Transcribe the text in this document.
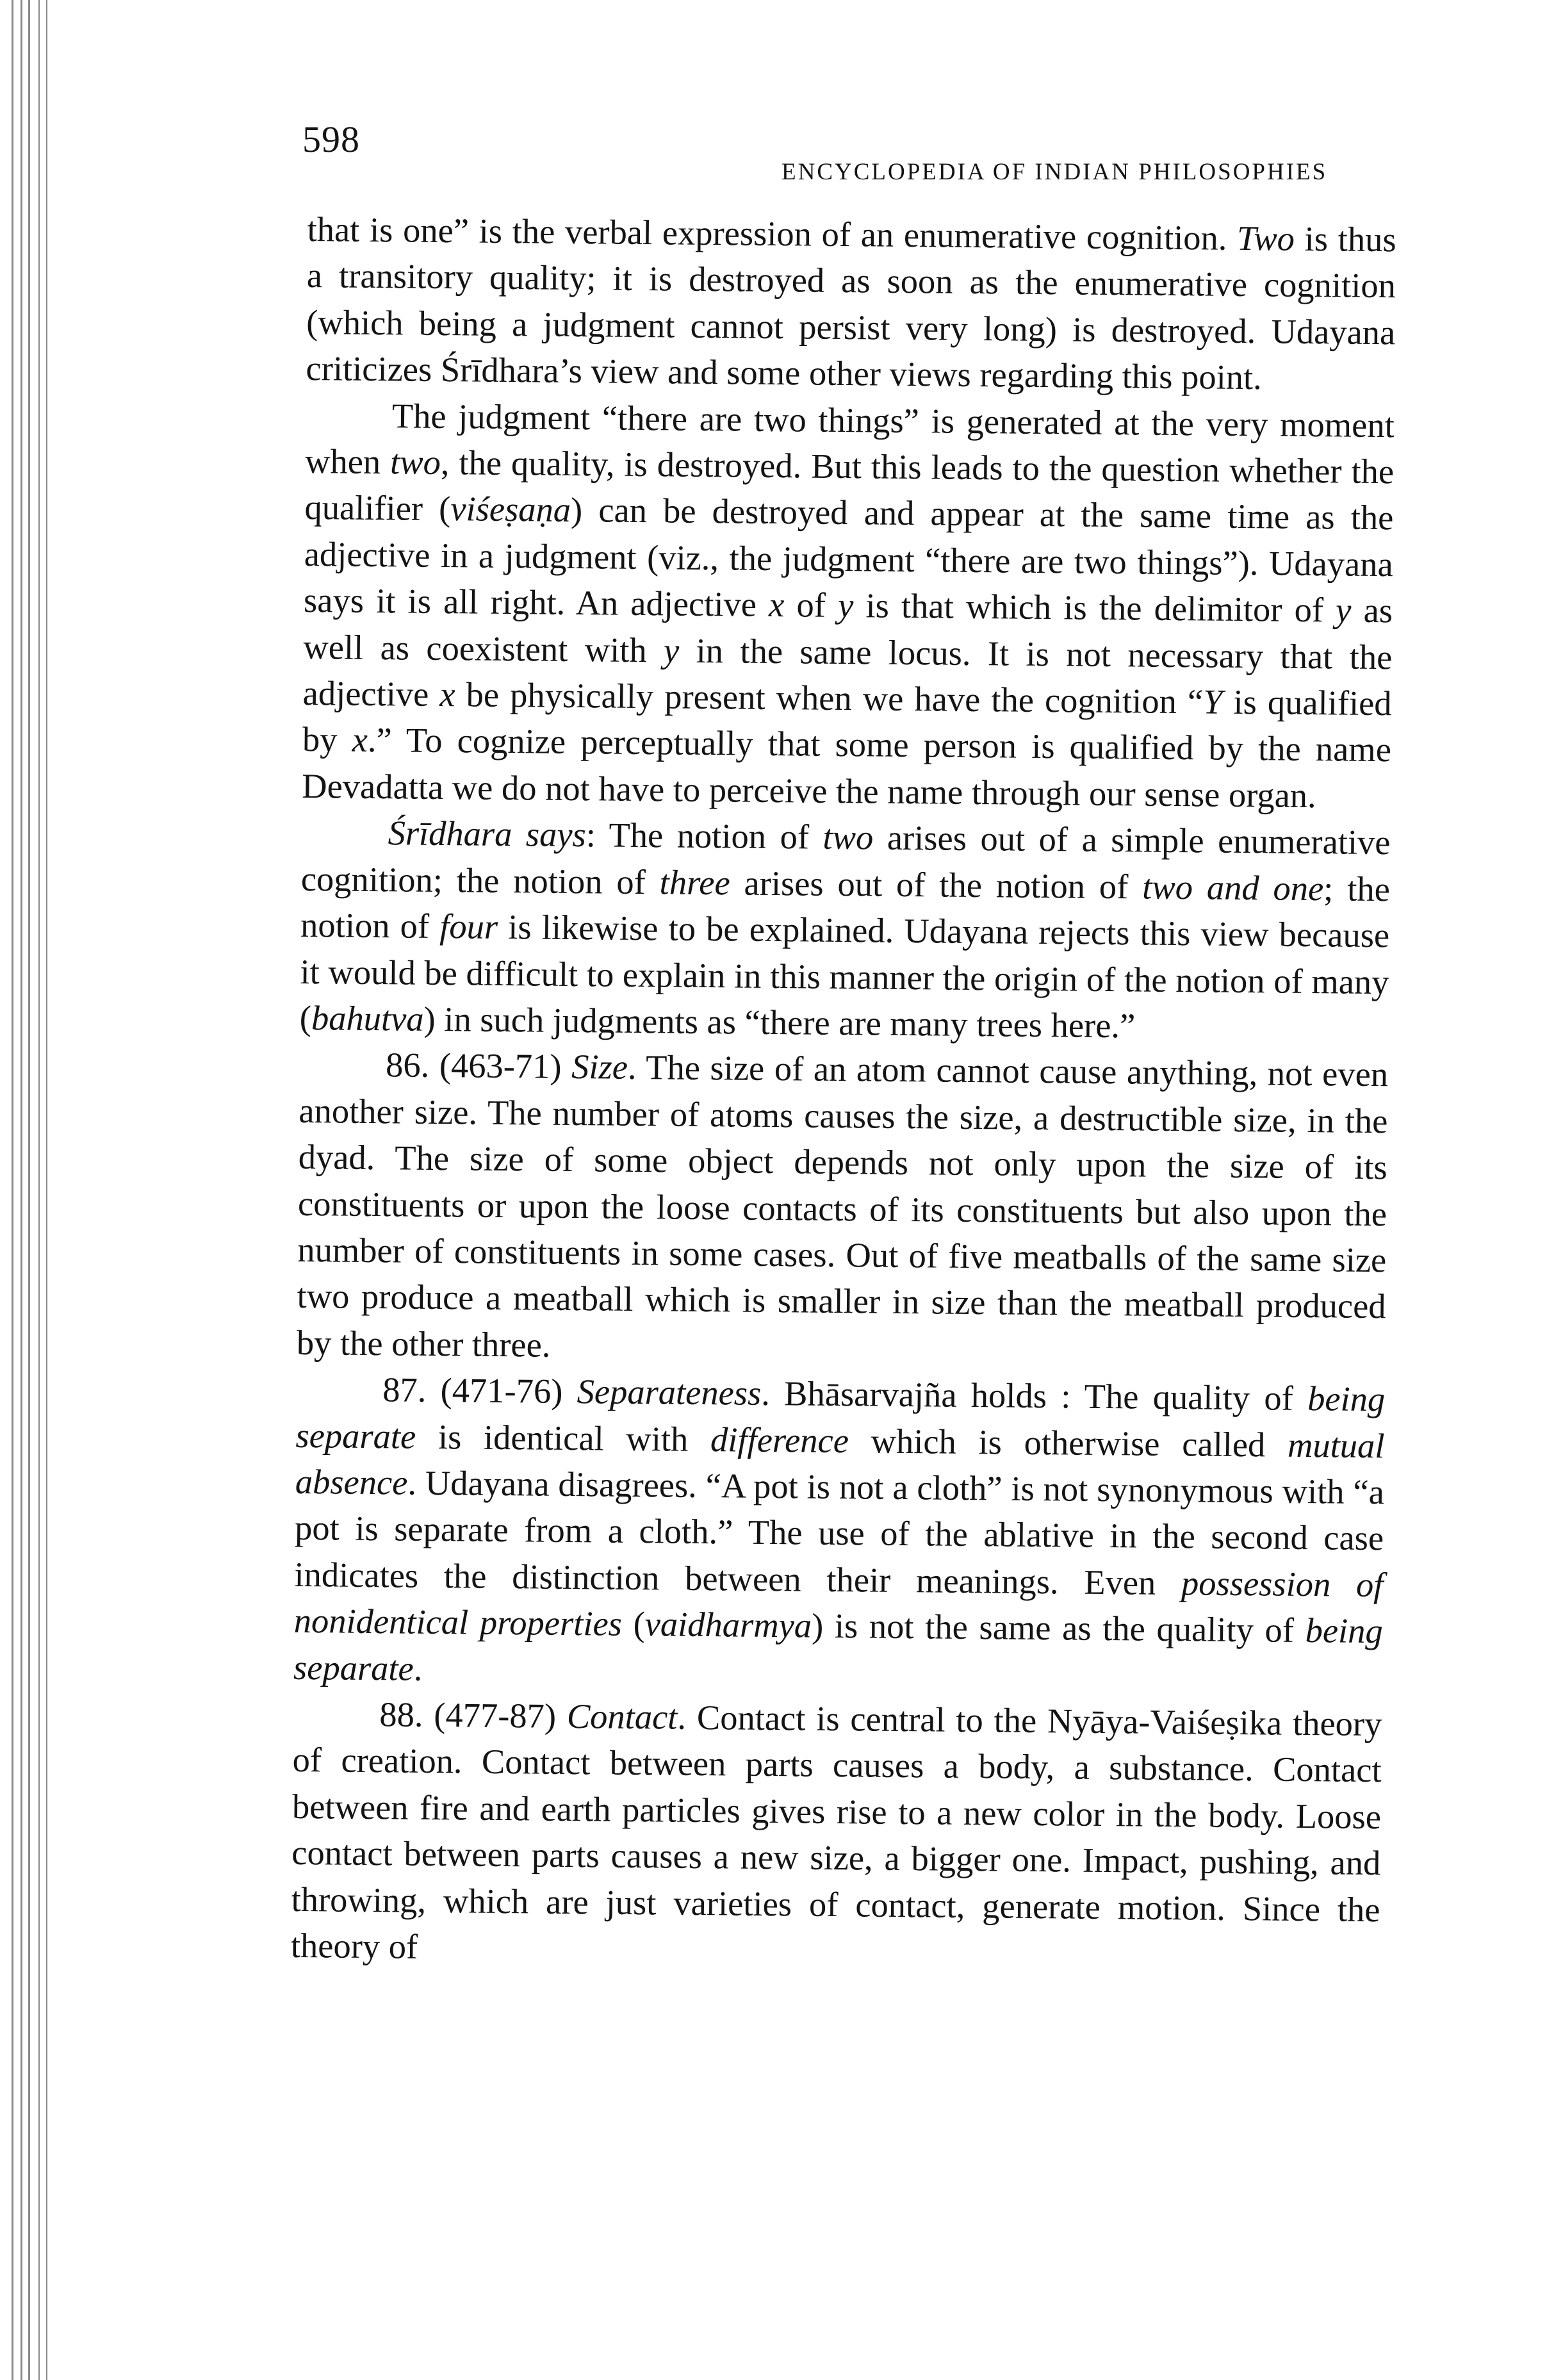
598
ENCYCLOPEDIA OF INDIAN PHILOSOPHIES

that is one” is the verbal expression of an enumerative cognition. Two is thus a transitory quality; it is destroyed as soon as the enumerative cognition (which being a judgment cannot persist very long) is destroyed. Udayana criticizes Śrīdhara’s view and some other views regarding this point.

The judgment “there are two things” is generated at the very moment when two, the quality, is destroyed. But this leads to the question whether the qualifier (viśeṣaṇa) can be destroyed and appear at the same time as the adjective in a judgment (viz., the judgment “there are two things”). Udayana says it is all right. An adjective x of y is that which is the delimitor of y as well as coexistent with y in the same locus. It is not necessary that the adjective x be physically present when we have the cognition “Y is qualified by x.” To cognize perceptually that some person is qualified by the name Devadatta we do not have to perceive the name through our sense organ.

Śrīdhara says: The notion of two arises out of a simple enumerative cognition; the notion of three arises out of the notion of two and one; the notion of four is likewise to be explained. Udayana rejects this view because it would be difficult to explain in this manner the origin of the notion of many (bahutva) in such judgments as “there are many trees here.”

86. (463-71) Size. The size of an atom cannot cause anything, not even another size. The number of atoms causes the size, a destructible size, in the dyad. The size of some object depends not only upon the size of its constituents or upon the loose contacts of its constituents but also upon the number of constituents in some cases. Out of five meatballs of the same size two produce a meatball which is smaller in size than the meatball produced by the other three.

87. (471-76) Separateness. Bhāsarvajña holds : The quality of being separate is identical with difference which is otherwise called mutual absence. Udayana disagrees. “A pot is not a cloth” is not synonymous with “a pot is separate from a cloth.” The use of the ablative in the second case indicates the distinction between their meanings. Even possession of nonidentical properties (vaidharmya) is not the same as the quality of being separate.

88. (477-87) Contact. Contact is central to the Nyāya-Vaiśeṣika theory of creation. Contact between parts causes a body, a substance. Contact between fire and earth particles gives rise to a new color in the body. Loose contact between parts causes a new size, a bigger one. Impact, pushing, and throwing, which are just varieties of contact, generate motion. Since the theory of
